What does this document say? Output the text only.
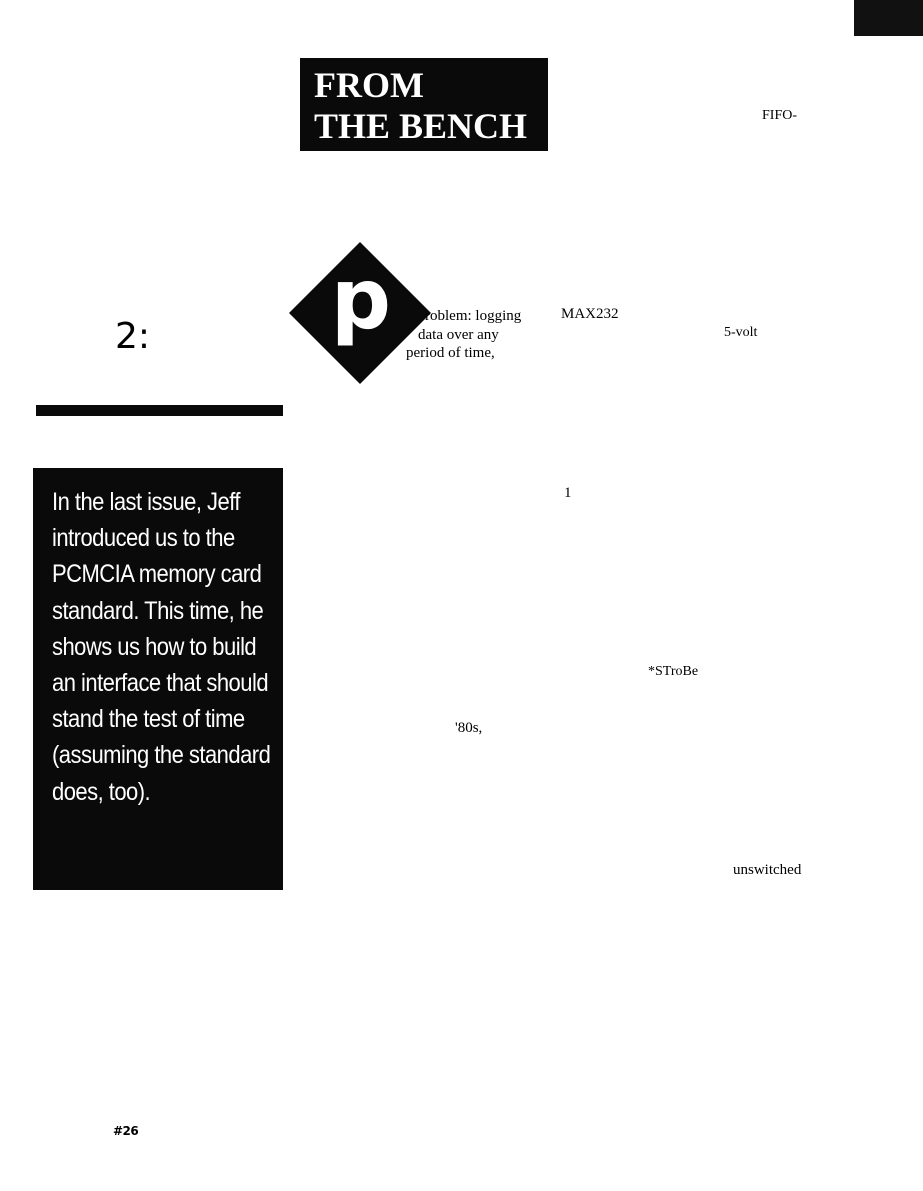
FROM
THE BENCH	FIFO-
2: p roblem: logging
data over any
period of time,
MAX232
5-volt
1
*STroBe
'80s,
unswitched
In the last issue, Jeff introduced us to the PCMCIA memory card standard. This time, he shows us how to build an interface that should stand the test of time (assuming the standard does, too).
#26
